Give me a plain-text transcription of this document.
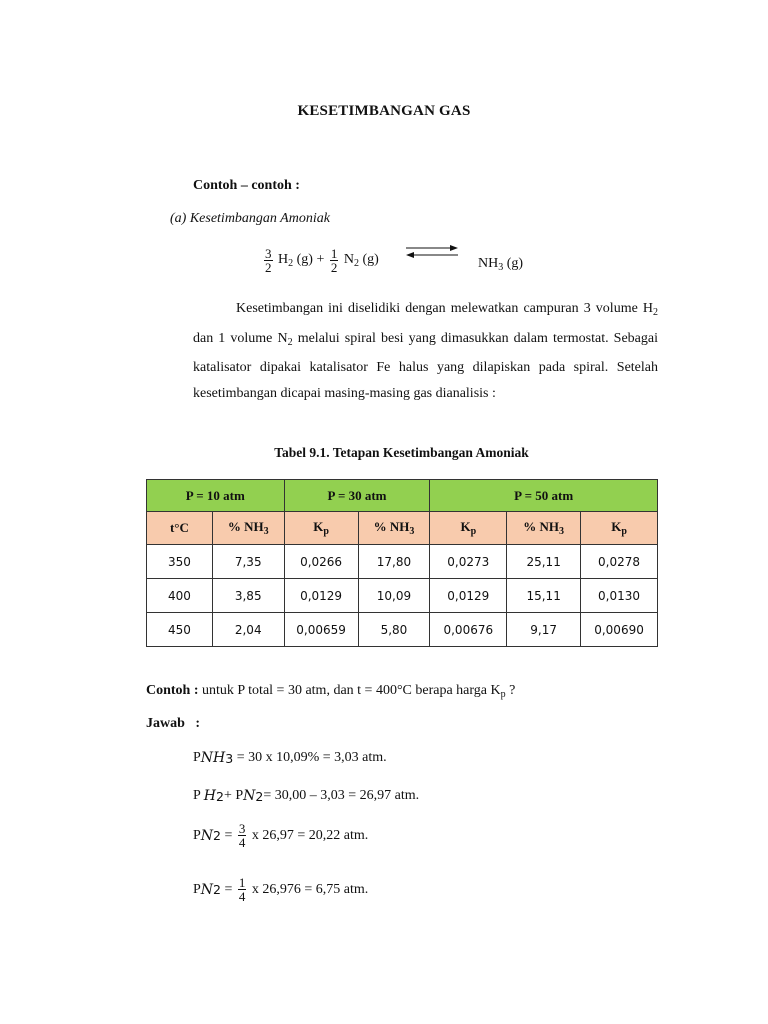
KESETIMBANGAN GAS
Contoh – contoh :
(a) Kesetimbangan Amoniak
$\frac{3}{2} H_2$ $(g) + \frac{1}{2} N_2$ (g)	$NH_3$ (g)

Kesetimbangan ini diselidiki dengan melewatkan campuran 3 volume $H_2$ dan 1 volume $N_2$ melalui spiral besi yang dimasukkan dalam termostat. Sebagai katalisator dipakai katalisator Fe halus yang dilapiskan pada spiral. Setelah kesetimbangan dicapai masing-masing gas dianalisis :

Tabel 9.1. Tetapan Kesetimbangan Amoniak
P = 10 atm		P = 30 atm		P = 50 atm		
t°C	% $NH_3$	$K_p$	% $NH_3$	$K_p$	% $NH_3$	$K_p$
350	7,35	0,0266	17,80	0,0273	25,11	0,0278
400	3,85	0,0129	10,09	0,0129	15,11	0,0130
450	2,04	0,00659	5,80	0,00676	9,17	0,00690
Contoh : untuk P total = 30 atm, dan t = 400°C berapa harga $K_p$ ?
Jawab   :
P NH 3 = 30 x 10,09% = 3,03 atm.
P H 2 + P N 2 = 30,00 – 3,03 = 26,97 atm.
P N $2 = \frac{3}{4}$ x 26,97 = 20,22 atm.
P N $2 = \frac{1}{4}$ x 26,976 = 6,75 atm.
